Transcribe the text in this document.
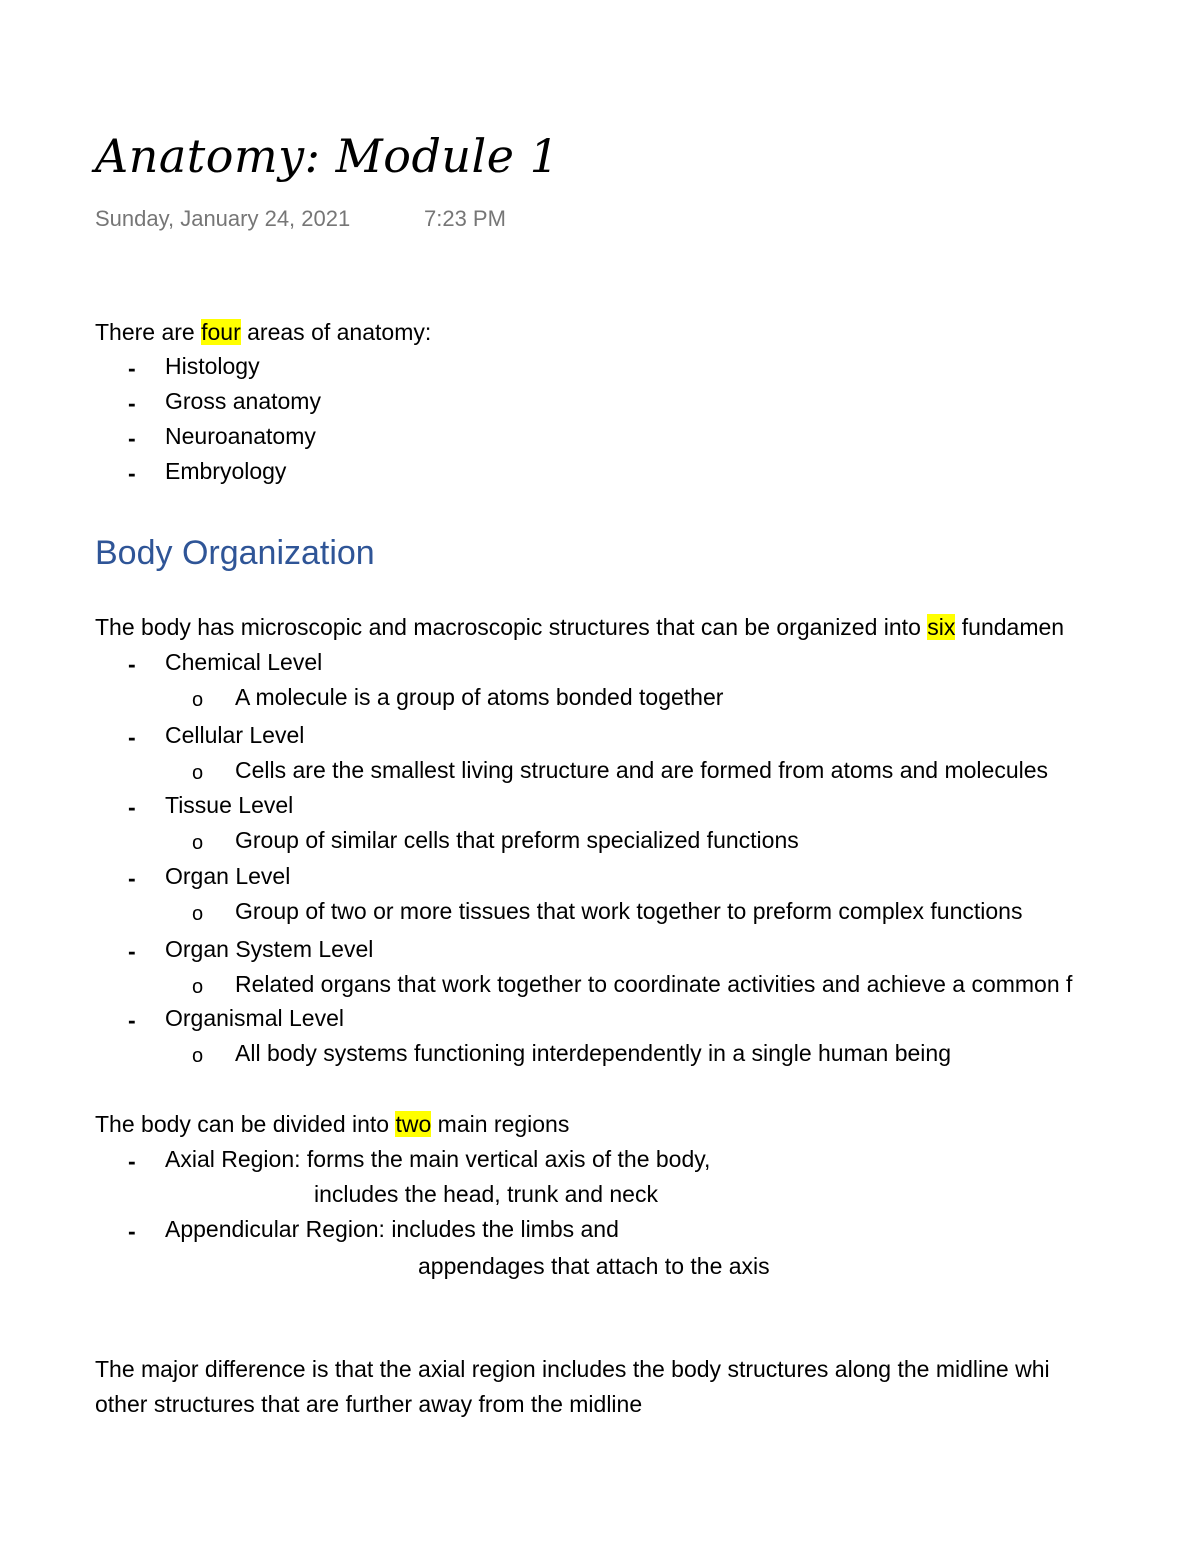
Anatomy: Module 1
Sunday, January 24, 2021	7:23 PM
There are four areas of anatomy:
- Histology
- Gross anatomy
- Neuroanatomy
- Embryology
Body Organization
The body has microscopic and macroscopic structures that can be organized into six fundamen
- Chemical Level
o A molecule is a group of atoms bonded together
- Cellular Level
o Cells are the smallest living structure and are formed from atoms and molecules
- Tissue Level
o Group of similar cells that preform specialized functions
- Organ Level
o Group of two or more tissues that work together to preform complex functions
- Organ System Level
o Related organs that work together to coordinate activities and achieve a common f
- Organismal Level
o All body systems functioning interdependently in a single human being
The body can be divided into two main regions
- Axial Region: forms the main vertical axis of the body,
includes the head, trunk and neck
- Appendicular Region: includes the limbs and
appendages that attach to the axis
The major difference is that the axial region includes the body structures along the midline whi
other structures that are further away from the midline
